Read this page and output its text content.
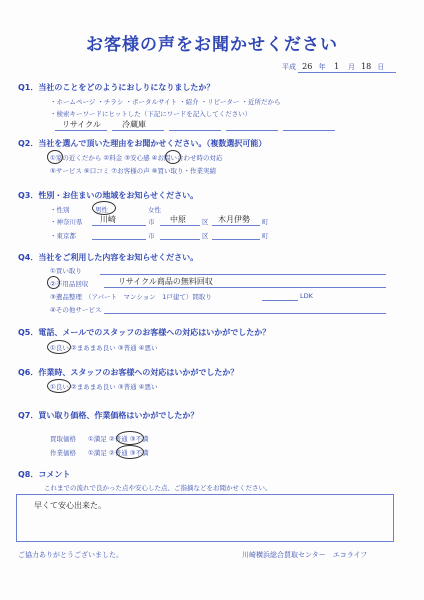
お客様の声をお聞かせください
平成 26 年 1 月 18 日
Q1．当社のことをどのようにおしりになりましたか？
・ホームページ ・チラシ ・ポータルサイト ・紹介 ・リピーター ・近所だから
・検索キーワードにヒットした（下記にワードを記入してください）
リサイクル	冷蔵庫
Q2．当社を選んで頂いた理由をお聞かせください。（複数選択可能）
①家の近くだから ②料金 ③安心感 ④お問い合わせ時の対応
⑤サービス ⑥口コミ ⑦お客様の声 ⑧買い取り・作業実績
Q3．性別・お住まいの地域をお知らせください。
・性別	男性	女性
・神奈川県 川崎	市 中原 区 木月伊勢 町
・東京都	市	区	町
Q4．当社をご利用した内容をお知らせください。
①買い取り
②不用品回収	リサイクル商品の無料回収
③遺品整理　（アパート　マンション　1戸建て）間取り	LDK
④その他サービス
Q5．電話、メールでのスタッフのお客様への対応はいかがでしたか？
①良い ②まあまあ良い ③普通 ④悪い
Q6．作業時、スタッフのお客様への対応はいかがでしたか？
①良い ②まあまあ良い ③普通 ④悪い
Q7．買い取り価格、作業価格はいかがでしたか？
買取価格 ①満足 ②普通 ③不満
作業価格 ①満足 ②普通 ③不満
Q8．コメント
これまでの流れで良かった点や安心した点、ご指摘などをお聞かせください。
早くて安心出来た。
ご協力ありがとうございました。	川崎横浜総合買取センター　エコライフ
